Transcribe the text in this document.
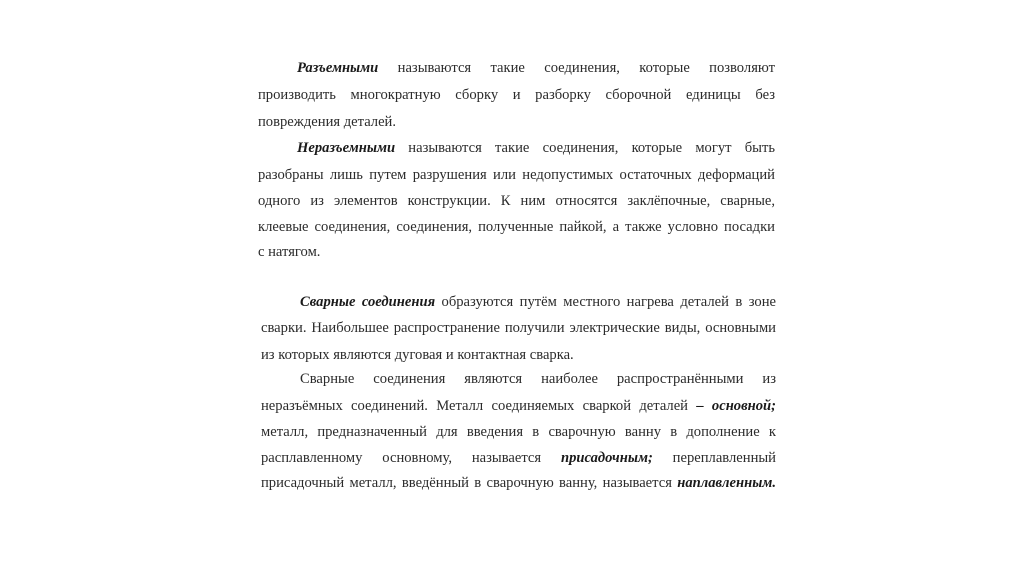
Разъемными называются такие соединения, которые позволяют
производить многократную сборку и разборку сборочной единицы без
повреждения деталей.
Неразъемными называются такие соединения, которые могут быть
разобраны лишь путем разрушения или недопустимых остаточных деформаций
одного из элементов конструкции. К ним относятся заклёпочные, сварные,
клеевые соединения, соединения, полученные пайкой, а также условно посадки
с натягом.
Сварные соединения образуются путём местного нагрева деталей в зоне
сварки. Наибольшее распространение получили электрические виды, основными
из которых являются дуговая и контактная сварка.
Сварные соединения являются наиболее распространёнными из
неразъёмных соединений. Металл соединяемых сваркой деталей – основной;
металл, предназначенный для введения в сварочную ванну в дополнение к
расплавленному основному, называется присадочным; переплавленный
присадочный металл, введённый в сварочную ванну, называется наплавленным.
